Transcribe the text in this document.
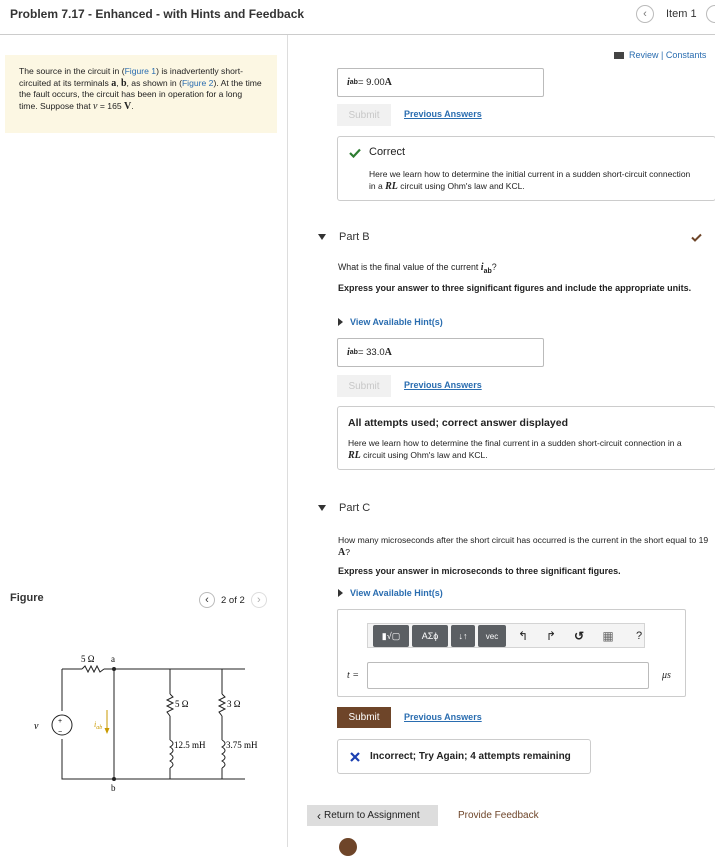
Problem 7.17 - Enhanced - with Hints and Feedback	‹	Item 1
The source in the circuit in (Figure 1) is inadvertently short-circuited at its terminals a, b, as shown in (Figure 2). At the time the fault occurs, the circuit has been in operation for a long time. Suppose that v = 165 V.
Review | Constants
i ab = 9.00 A
Submit	Previous Answers
Correct
Here we learn how to determine the initial current in a sudden short-circuit connection in a RL circuit using Ohm's law and KCL.
Part B
What is the final value of the current $i_{ab}$?
Express your answer to three significant figures and include the appropriate units.
View Available Hint(s)
i ab = 33.0 A
Submit	Previous Answers
All attempts used; correct answer displayed
Here we learn how to determine the final current in a sudden short-circuit connection in a RL circuit using Ohm's law and KCL.
Part C
How many microseconds after the short circuit has occurred is the current in the short equal to 19 A?
Express your answer in microseconds to three significant figures.
View Available Hint(s)
▮√▢	ΑΣϕ	↓↑	vec	↰	↱	↺	▦	?
t =	μs
Submit	Previous Answers
Incorrect; Try Again; 4 attempts remaining
‹ Return to Assignment	Provide Feedback
Figure	‹	2 of 2	›
5 Ω a
b
5 Ω	3 Ω
12.5 mH 3.75 mH
v	+
−
$i_{ab}$
